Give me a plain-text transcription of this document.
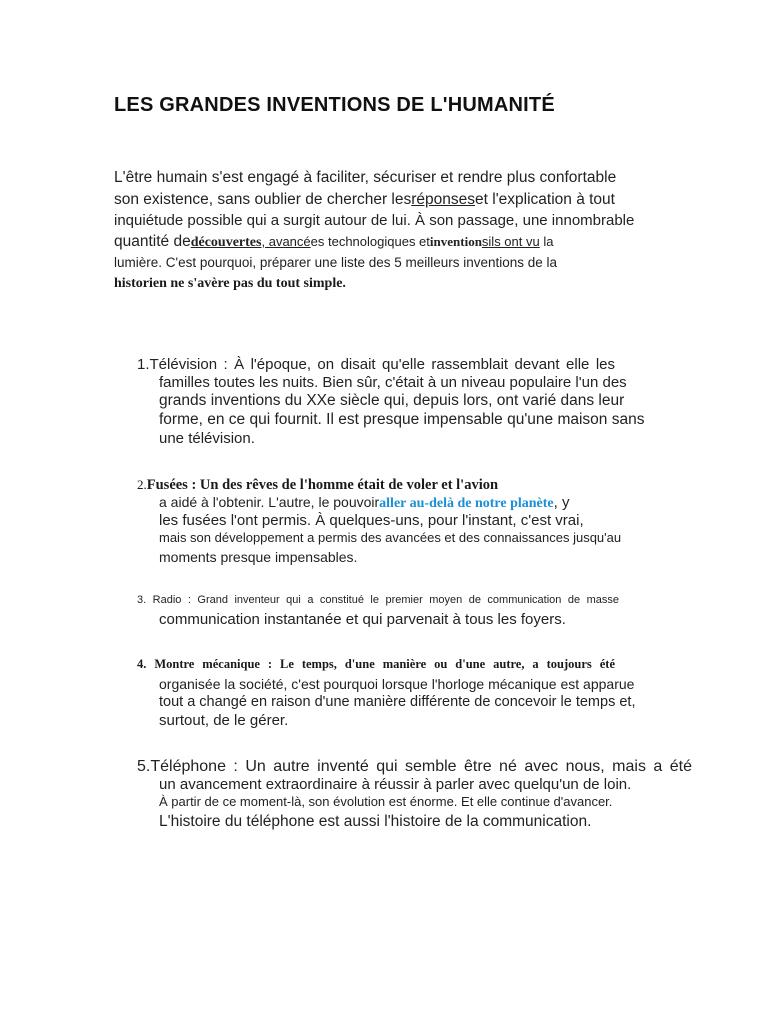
LES GRANDES INVENTIONS DE L'HUMANITÉ
L'être humain s'est engagé à faciliter, sécuriser et rendre plus confortable
son existence, sans oublier de chercher lesréponseset l'explication à tout
inquiétude possible qui a surgit autour de lui. À son passage, une innombrable
quantité dedécouvertes, avancées technologiques etinventionsils ont vu la
lumière. C'est pourquoi, préparer une liste des 5 meilleurs inventions de la
historien ne s'avère pas du tout simple.
1.Télévision : À l'époque, on disait qu'elle rassemblait devant elle les
familles toutes les nuits. Bien sûr, c'était à un niveau populaire l'un des
grands inventions du XXe siècle qui, depuis lors, ont varié dans leur
forme, en ce qui fournit. Il est presque impensable qu'une maison sans
une télévision.
2.Fusées : Un des rêves de l'homme était de voler et l'avion
a aidé à l'obtenir. L'autre, le pouvoiraller au-delà de notre planète, y
les fusées l'ont permis. À quelques-uns, pour l'instant, c'est vrai,
mais son développement a permis des avancées et des connaissances jusqu'au
moments presque impensables.
3. Radio : Grand inventeur qui a constitué le premier moyen de communication de masse
communication instantanée et qui parvenait à tous les foyers.
4. Montre mécanique : Le temps, d'une manière ou d'une autre, a toujours été
organisée la société, c'est pourquoi lorsque l'horloge mécanique est apparue
tout a changé en raison d'une manière différente de concevoir le temps et,
surtout, de le gérer.
5.Téléphone : Un autre inventé qui semble être né avec nous, mais a été
un avancement extraordinaire à réussir à parler avec quelqu'un de loin.
À partir de ce moment-là, son évolution est énorme. Et elle continue d'avancer.
L'histoire du téléphone est aussi l'histoire de la communication.
